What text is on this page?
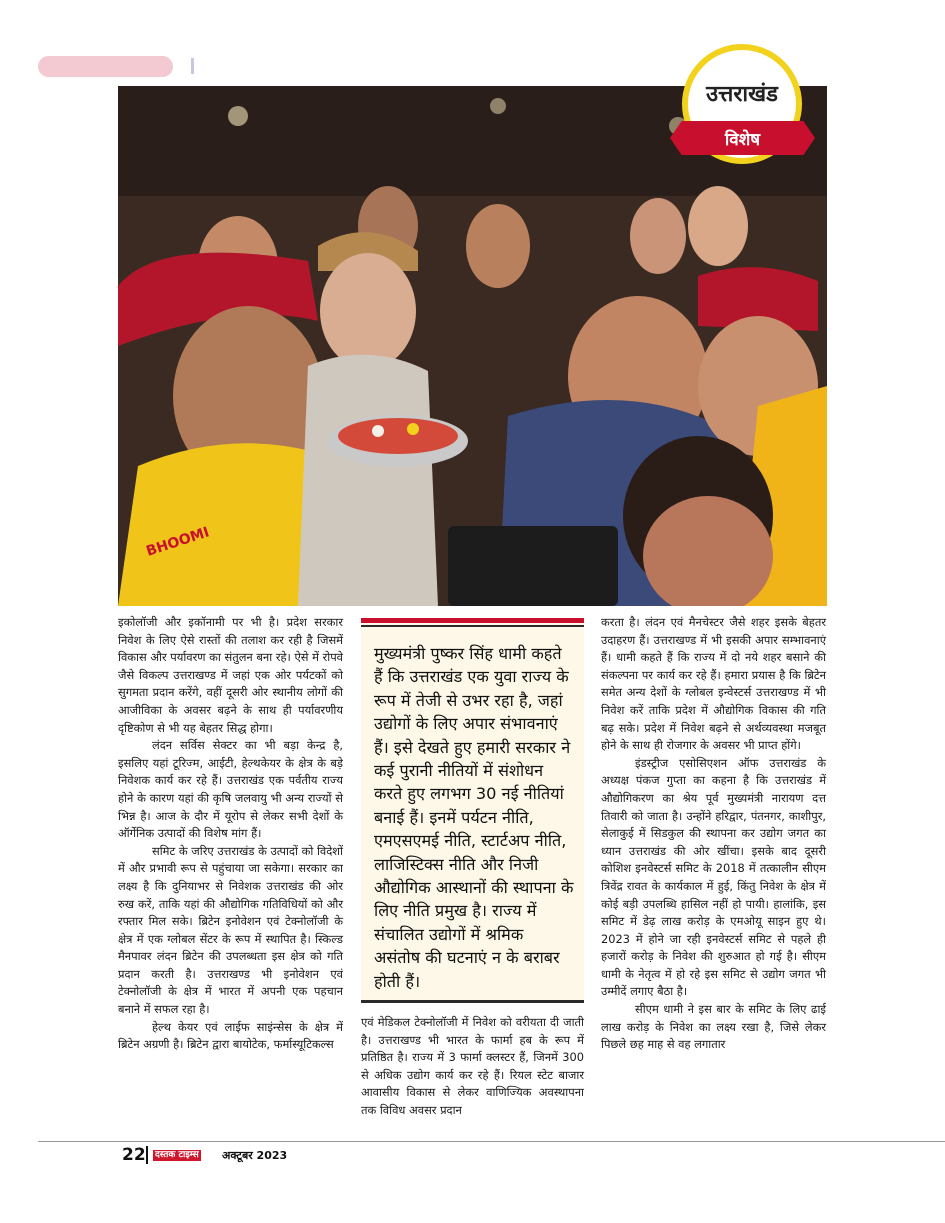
BHOOMI
उत्तराखंड
विशेष

इकोलॉजी और इकॉनामी पर भी है। प्रदेश सरकार निवेश के लिए ऐसे रास्तों की तलाश कर रही है जिसमें विकास और पर्यावरण का संतुलन बना रहे। ऐसे में रोपवे जैसे विकल्प उत्तराखण्ड में जहां एक ओर पर्यटकों को सुगमता प्रदान करेंगे, वहीं दूसरी ओर स्थानीय लोगों की आजीविका के अवसर बढ़ने के साथ ही पर्यावरणीय दृष्टिकोण से भी यह बेहतर सिद्ध होगा।

लंदन सर्विस सेक्टर का भी बड़ा केन्द्र है, इसलिए यहां टूरिज्म, आईटी, हेल्थकेयर के क्षेत्र के बड़े निवेशक कार्य कर रहे हैं। उत्तराखंड एक पर्वतीय राज्य होने के कारण यहां की कृषि जलवायु भी अन्य राज्यों से भिन्न है। आज के दौर में यूरोप से लेकर सभी देशों के ऑर्गेनिक उत्पादों की विशेष मांग हैं।

समिट के जरिए उत्तराखंड के उत्पादों को विदेशों में और प्रभावी रूप से पहुंचाया जा सकेगा। सरकार का लक्ष्य है कि दुनियाभर से निवेशक उत्तराखंड की ओर रुख करें, ताकि यहां की औद्योगिक गतिविधियों को और रफ्तार मिल सके। ब्रिटेन इनोवेशन एवं टेक्नोलॉजी के क्षेत्र में एक ग्लोबल सेंटर के रूप में स्थापित है। स्किल्ड मैनपावर लंदन ब्रिटेन की उपलब्धता इस क्षेत्र को गति प्रदान करती है। उत्तराखण्ड भी इनोवेशन एवं टेक्नोलॉजी के क्षेत्र में भारत में अपनी एक पहचान बनाने में सफल रहा है।

हेल्थ केयर एवं लाईफ साइंन्सेस के क्षेत्र में ब्रिटेन अग्रणी है। ब्रिटेन द्वारा बायोटेक, फर्मास्यूटिकल्स

मुख्यमंत्री पुष्कर सिंह धामी कहते हैं कि उत्तराखंड एक युवा राज्य के रूप में तेजी से उभर रहा है, जहां उद्योगों के लिए अपार संभावनाएं हैं। इसे देखते हुए हमारी सरकार ने कई पुरानी नीतियों में संशोधन करते हुए लगभग 30 नई नीतियां बनाई हैं। इनमें पर्यटन नीति, एमएसएमई नीति, स्टार्टअप नीति, लाजिस्टिक्स नीति और निजी औद्योगिक आस्थानों की स्थापना के लिए नीति प्रमुख है। राज्य में संचालित उद्योगों में श्रमिक असंतोष की घटनाएं न के बराबर होती हैं।

एवं मेडिकल टेक्नोलॉजी में निवेश को वरीयता दी जाती है। उत्तराखण्ड भी भारत के फार्मा हब के रूप में प्रतिष्ठित है। राज्य में 3 फार्मा क्लस्टर हैं, जिनमें 300 से अधिक उद्योग कार्य कर रहे हैं। रियल स्टेट बाजार आवासीय विकास से लेकर वाणिज्यिक अवस्थापना तक विविध अवसर प्रदान

करता है। लंदन एवं मैनचेस्टर जैसे शहर इसके बेहतर उदाहरण हैं। उत्तराखण्ड में भी इसकी अपार सम्भावनाएं हैं। धामी कहते हैं कि राज्य में दो नये शहर बसाने की संकल्पना पर कार्य कर रहे हैं। हमारा प्रयास है कि ब्रिटेन समेत अन्य देशों के ग्लोबल इन्वेस्टर्स उत्तराखण्ड में भी निवेश करें ताकि प्रदेश में औद्योगिक विकास की गति बढ़ सके। प्रदेश में निवेश बढ़ने से अर्थव्यवस्था मजबूत होने के साथ ही रोजगार के अवसर भी प्राप्त होंगे।

इंडस्ट्रीज एसोसिएशन ऑफ उत्तराखंड के अध्यक्ष पंकज गुप्ता का कहना है कि उत्तराखंड में औद्योगिकरण का श्रेय पूर्व मुख्यमंत्री नारायण दत्त तिवारी को जाता है। उन्होंने हरिद्वार, पंतनगर, काशीपुर, सेलाकुई में सिडकुल की स्थापना कर उद्योग जगत का ध्यान उत्तराखंड की ओर खींचा। इसके बाद दूसरी कोशिश इनवेस्टर्स समिट के 2018 में तत्कालीन सीएम त्रिवेंद्र रावत के कार्यकाल में हुई, किंतु निवेश के क्षेत्र में कोई बड़ी उपलब्धि हासिल नहीं हो पायी। हालांकि, इस समिट में डेढ़ लाख करोड़ के एमओयू साइन हुए थे। 2023 में होने जा रही इनवेस्टर्स समिट से पहले ही हजारों करोड़ के निवेश की शुरुआत हो गई है। सीएम धामी के नेतृत्व में हो रहे इस समिट से उद्योग जगत भी उम्मीदें लगाए बैठा है।

सीएम धामी ने इस बार के समिट के लिए ढाई लाख करोड़ के निवेश का लक्ष्य रखा है, जिसे लेकर पिछले छह माह से वह लगातार

22 दस्तक टाइम्स अक्टूबर 2023
